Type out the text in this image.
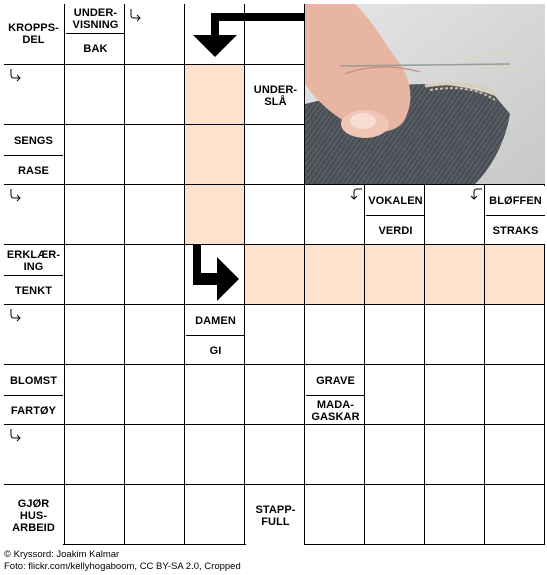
KROPPS-
DEL
UNDER-
VISNING
BAK
UNDER-
SLÅ
SENGS
RASE
VOKALEN
VERDI
BLØFFEN
STRAKS
ERKLÆR-
ING
TENKT
DAMEN
GI
BLOMST
FARTØY
GRAVE
MADA-
GASKAR
GJØR
HUS-
ARBEID
STAPP-
FULL
© Kryssord: Joakim Kalmar
Foto: flickr.com/kellyhogaboom, CC BY-SA 2.0, Cropped
